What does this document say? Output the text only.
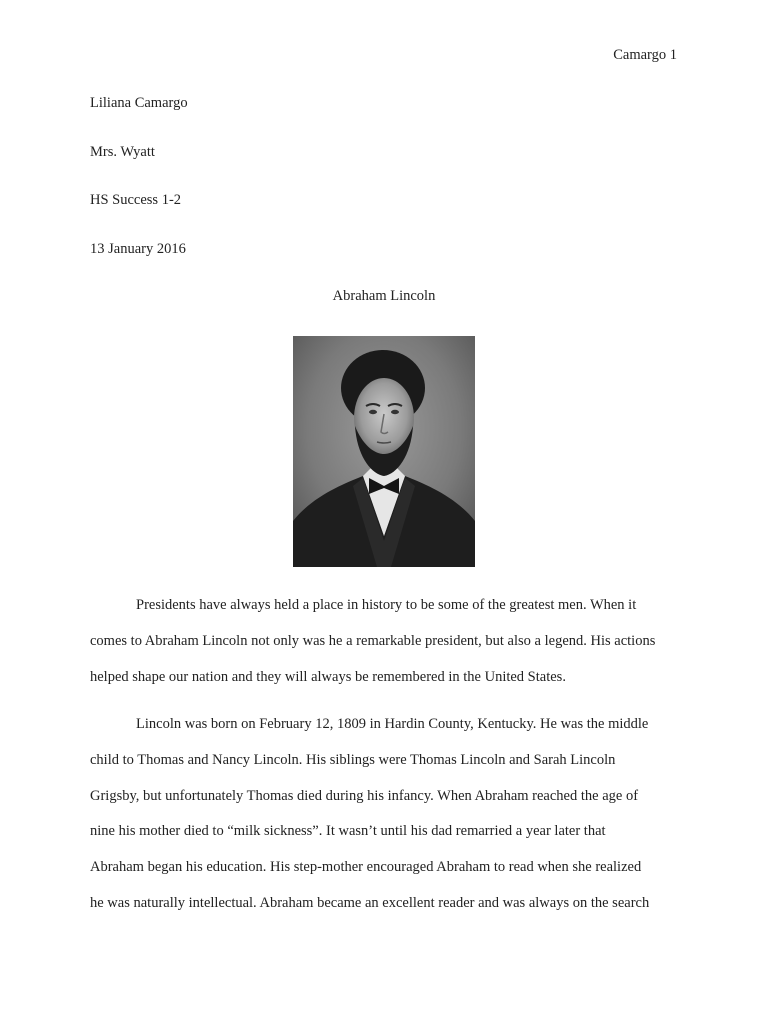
Camargo 1
Liliana Camargo
Mrs. Wyatt
HS Success 1-2
13 January 2016
Abraham Lincoln
Presidents have always held a place in history to be some of the greatest men. When it
comes to Abraham Lincoln not only was he a remarkable president, but also a legend. His actions
helped shape our nation and they will always be remembered in the United States.
Lincoln was born on February 12, 1809 in Hardin County, Kentucky. He was the middle
child to Thomas and Nancy Lincoln. His siblings were Thomas Lincoln and Sarah Lincoln
Grigsby, but unfortunately Thomas died during his infancy. When Abraham reached the age of
nine his mother died to “milk sickness”. It wasn’t until his dad remarried a year later that
Abraham began his education. His step-mother encouraged Abraham to read when she realized
he was naturally intellectual. Abraham became an excellent reader and was always on the search
